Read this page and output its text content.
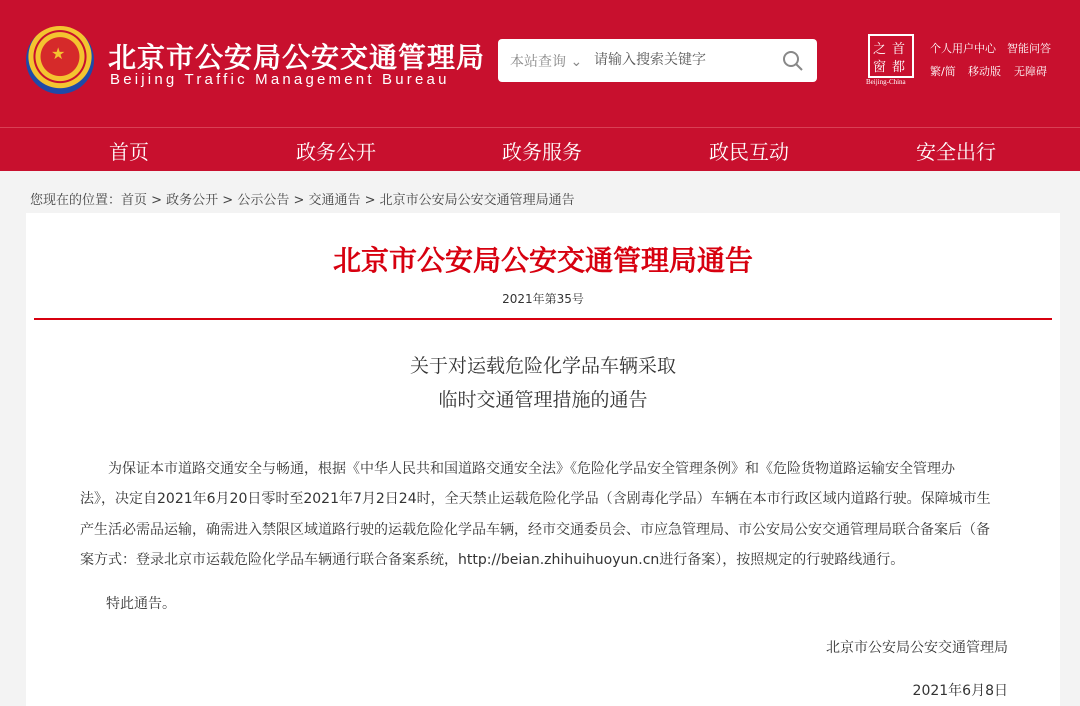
★
北京市公安局公安交通管理局
Beijing Traffic Management Bureau
本站查询 ⌄
请输入搜索关键字
首
都
之
窗
Beijing-China
个人用户中心 智能问答
繁/简 移动版 无障碍
首页	政务公开	政务服务	政民互动	安全出行
您现在的位置：首页 > 政务公开 > 公示公告 > 交通通告 > 北京市公安局公安交通管理局通告
北京市公安局公安交通管理局通告
2021年第35号
关于对运载危险化学品车辆采取
临时交通管理措施的通告
为保证本市道路交通安全与畅通，根据《中华人民共和国道路交通安全法》《危险化学品安全管理条例》和《危险货物道路运输安全管理办
法》，决定自2021年6月20日零时至2021年7月2日24时，全天禁止运载危险化学品（含剧毒化学品）车辆在本市行政区域内道路行驶。保障城市生
产生活必需品运输，确需进入禁限区域道路行驶的运载危险化学品车辆，经市交通委员会、市应急管理局、市公安局公安交通管理局联合备案后（备
案方式：登录北京市运载危险化学品车辆通行联合备案系统，http://beian.zhihuihuoyun.cn进行备案），按照规定的行驶路线通行。
特此通告。
北京市公安局公安交通管理局
2021年6月8日
